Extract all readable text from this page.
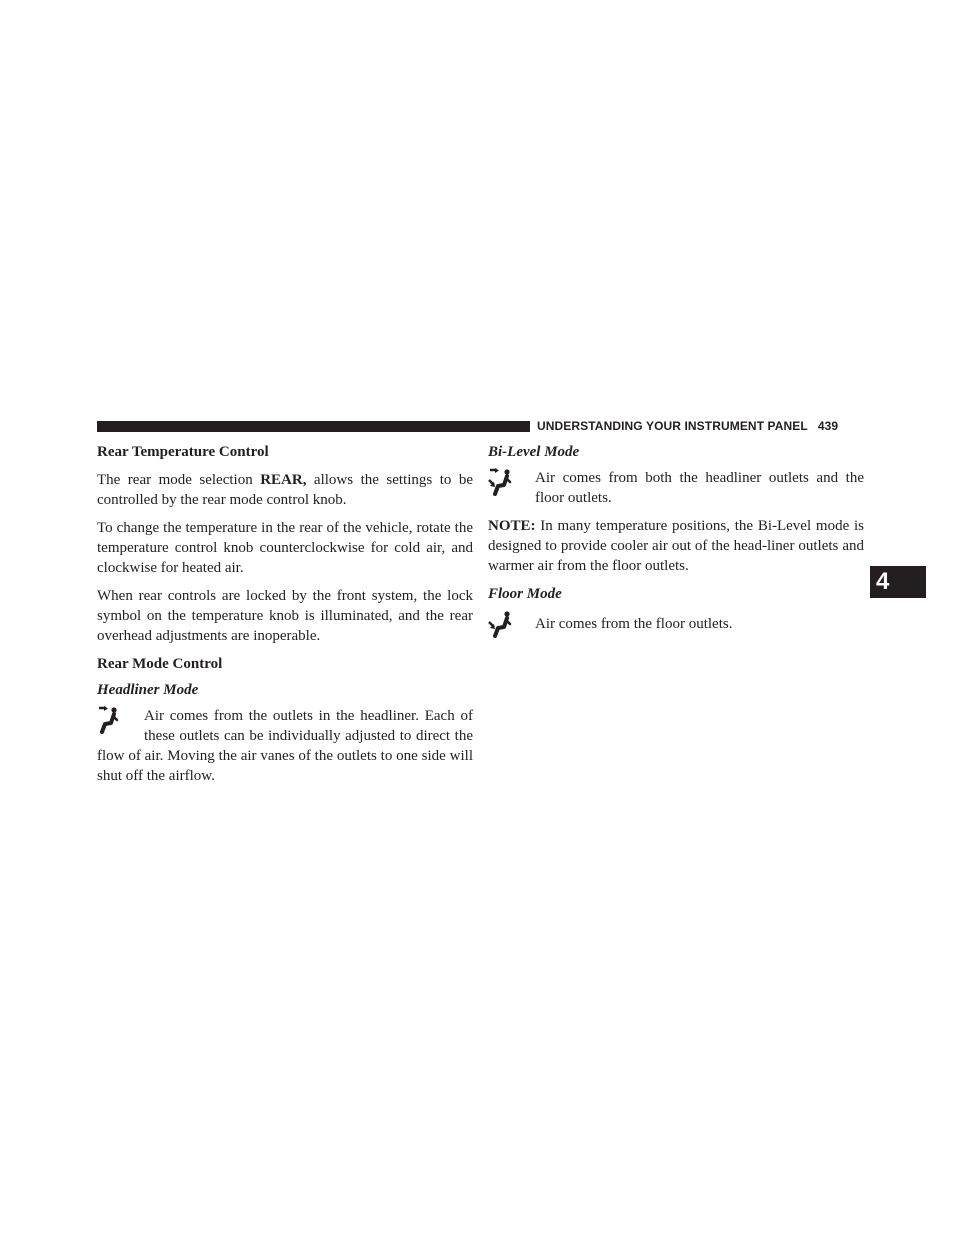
UNDERSTANDING YOUR INSTRUMENT PANEL 439
4
Rear Temperature Control

The rear mode selection REAR, allows the settings to be controlled by the rear mode control knob.

To change the temperature in the rear of the vehicle, rotate the temperature control knob counterclockwise for cold air, and clockwise for heated air.

When rear controls are locked by the front system, the lock symbol on the temperature knob is illuminated, and the rear overhead adjustments are inoperable.

Rear Mode Control
Headliner Mode

Air comes from the outlets in the headliner. Each of these outlets can be individually adjusted to direct the flow of air. Moving the air vanes of the outlets to one side will shut off the airflow.

Bi-Level Mode
Air comes from both the headliner outlets and the floor outlets.

NOTE: In many temperature positions, the Bi-Level mode is designed to provide cooler air out of the head-liner outlets and warmer air from the floor outlets.

Floor Mode
Air comes from the floor outlets.
